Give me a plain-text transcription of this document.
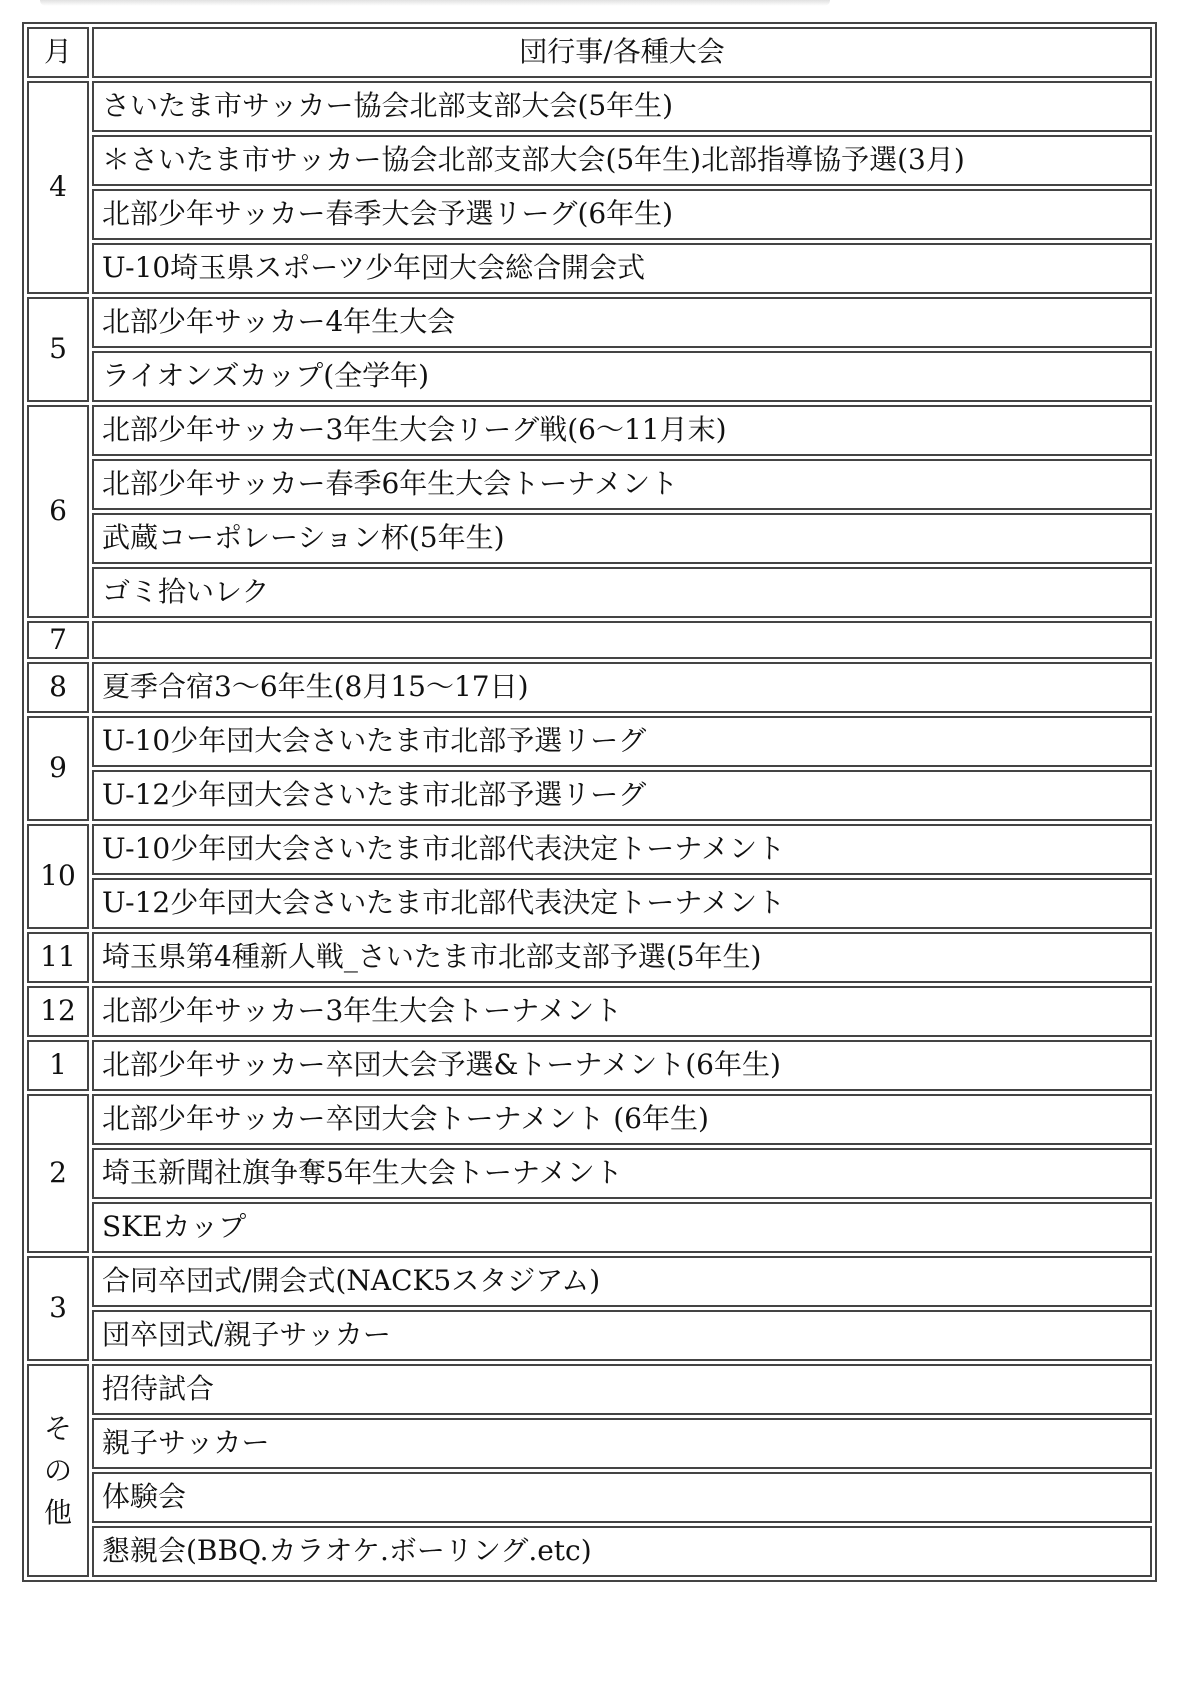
月	団行事/各種大会
4	さいたま市サッカー協会北部支部大会(5年生)
	＊さいたま市サッカー協会北部支部大会(5年生)北部指導協予選(3月)
	北部少年サッカー春季大会予選リーグ(6年生)
	U-10埼玉県スポーツ少年団大会総合開会式
5	北部少年サッカー4年生大会
	ライオンズカップ(全学年)
6	北部少年サッカー3年生大会リーグ戦(6〜11月末)
	北部少年サッカー春季6年生大会トーナメント
	武蔵コーポレーション杯(5年生)
	ゴミ拾いレク
7	
8	夏季合宿3〜6年生(8月15〜17日)
9	U-10少年団大会さいたま市北部予選リーグ
	U-12少年団大会さいたま市北部予選リーグ
10	U-10少年団大会さいたま市北部代表決定トーナメント
	U-12少年団大会さいたま市北部代表決定トーナメント
11	埼玉県第4種新人戦_さいたま市北部支部予選(5年生)
12	北部少年サッカー3年生大会トーナメント
1	北部少年サッカー卒団大会予選&トーナメント(6年生)
2	北部少年サッカー卒団大会トーナメント (6年生)
	埼玉新聞社旗争奪5年生大会トーナメント
	SKEカップ
3	合同卒団式/開会式(NACK5スタジアム)
	団卒団式/親子サッカー
その他	招待試合
	親子サッカー
	体験会
	懇親会(BBQ.カラオケ.ボーリング.etc)
